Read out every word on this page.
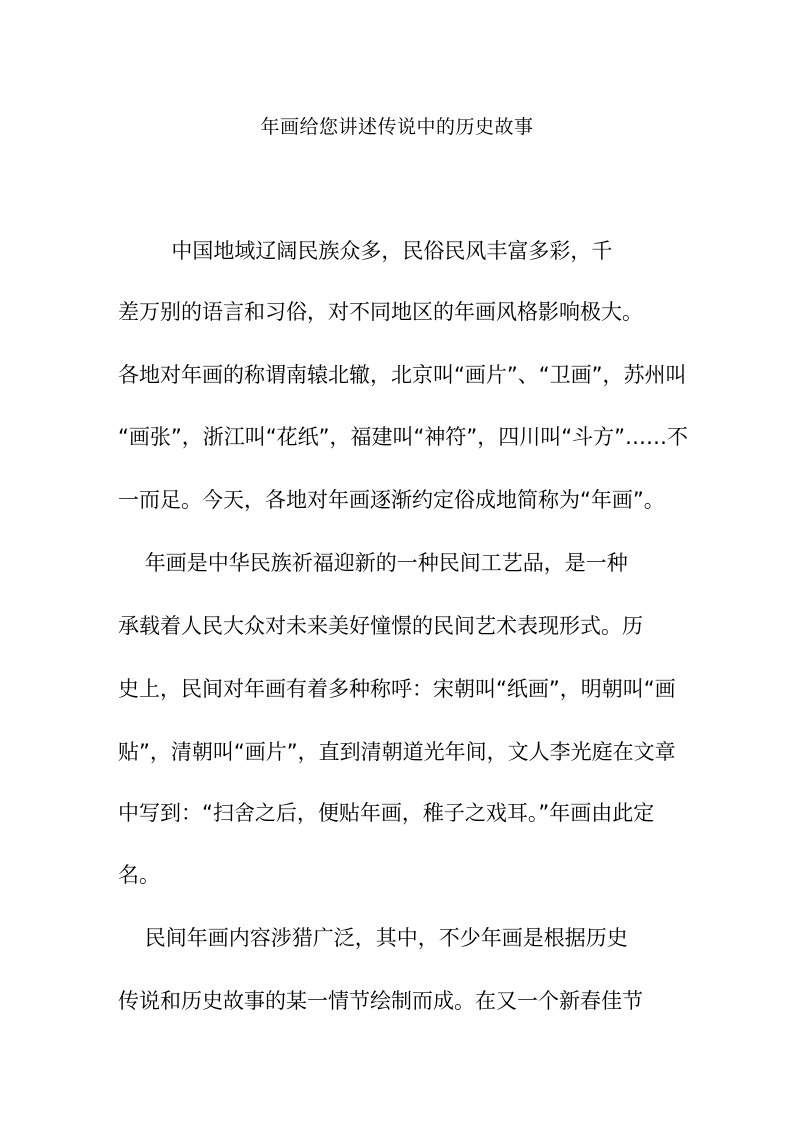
年画给您讲述传说中的历史故事
中国地域辽阔民族众多，民俗民风丰富多彩，千
差万别的语言和习俗，对不同地区的年画风格影响极大。
各地对年画的称谓南辕北辙，北京叫“画片”、“卫画”，苏州叫
“画张”，浙江叫“花纸”，福建叫“神符”，四川叫“斗方”……不
一而足。今天，各地对年画逐渐约定俗成地简称为“年画”。
年画是中华民族祈福迎新的一种民间工艺品，是一种
承载着人民大众对未来美好憧憬的民间艺术表现形式。历
史上，民间对年画有着多种称呼：宋朝叫“纸画”，明朝叫“画
贴”，清朝叫“画片”，直到清朝道光年间，文人李光庭在文章
中写到：“扫舍之后，便贴年画，稚子之戏耳。”年画由此定
名。
民间年画内容涉猎广泛，其中，不少年画是根据历史
传说和历史故事的某一情节绘制而成。在又一个新春佳节
